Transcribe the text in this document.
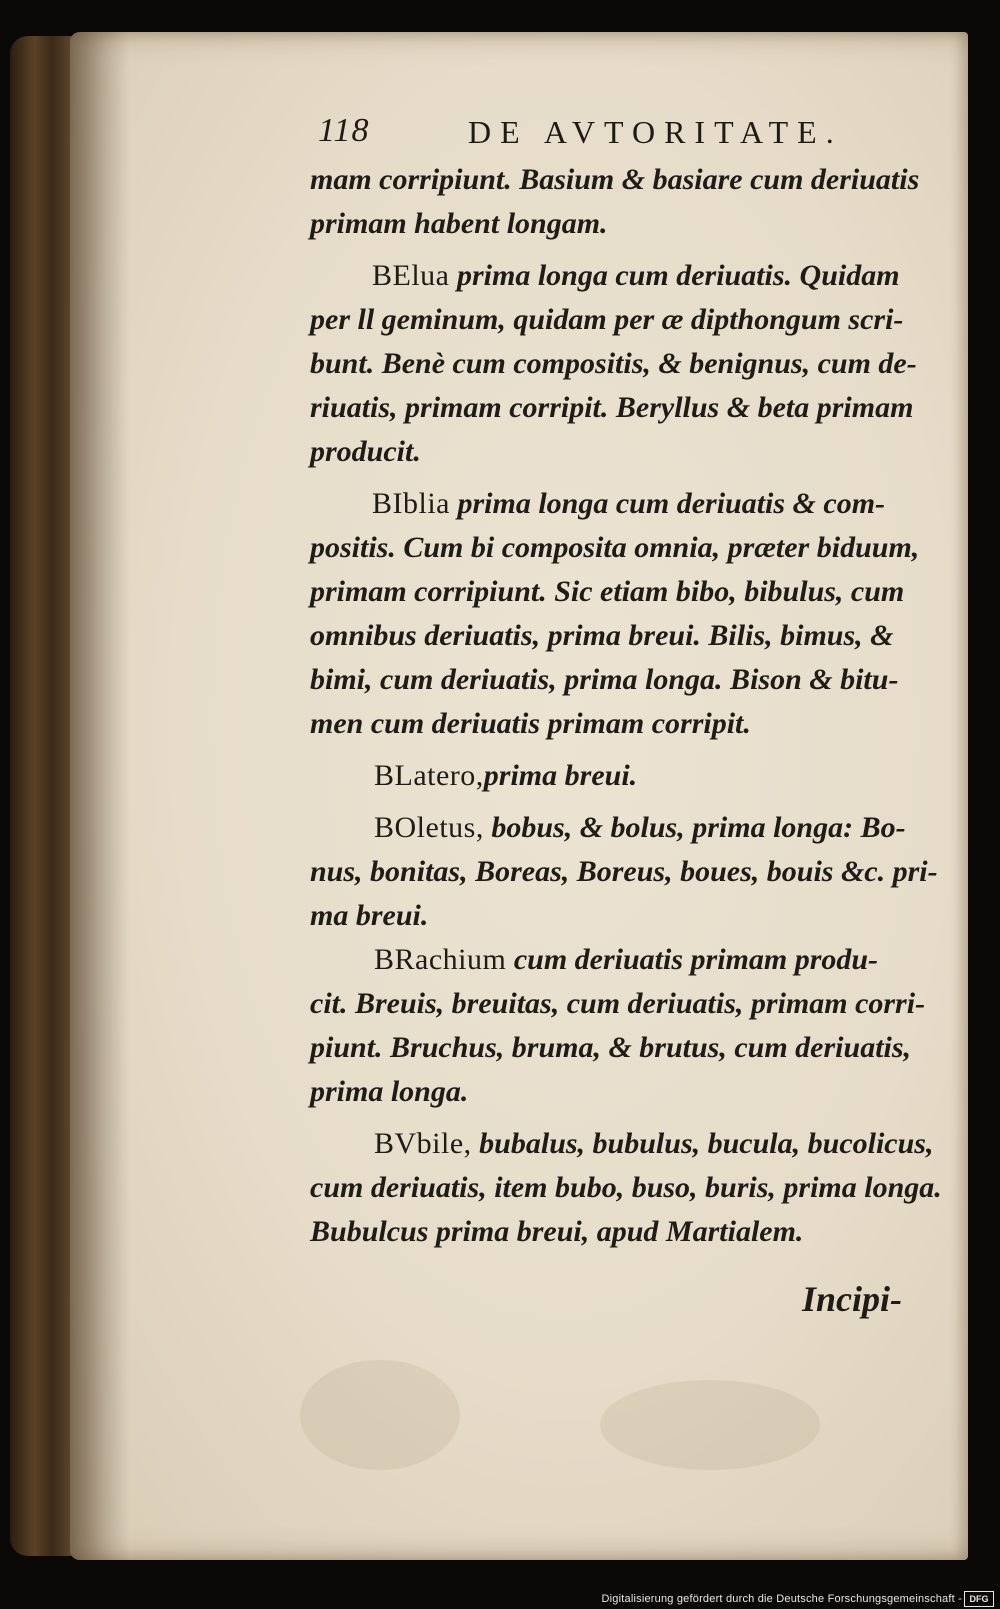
118	DE AVTORITATE.
mam corripiunt. Basium & basiare cum deriuatis
primam habent longam.
BElua prima longa cum deriuatis. Quidam
per ll geminum, quidam per æ dipthongum scri-
bunt. Benè cum compositis, & benignus, cum de-
riuatis, primam corripit. Beryllus & beta primam
producit.
BIblia prima longa cum deriuatis & com-
positis. Cum bi composita omnia, præter biduum,
primam corripiunt. Sic etiam bibo, bibulus, cum
omnibus deriuatis, prima breui. Bilis, bimus, &
bimi, cum deriuatis, prima longa. Bison & bitu-
men cum deriuatis primam corripit.
BLatero,prima breui.
BOletus, bobus, & bolus, prima longa: Bo-
nus, bonitas, Boreas, Boreus, boues, bouis &c. pri-
ma breui.
BRachium cum deriuatis primam produ-
cit. Breuis, breuitas, cum deriuatis, primam corri-
piunt. Bruchus, bruma, & brutus, cum deriuatis,
prima longa.
BVbile, bubalus, bubulus, bucula, bucolicus,
cum deriuatis, item bubo, buso, buris, prima longa.
Bubulcus prima breui, apud Martialem.
Incipi-
Digitalisierung gefördert durch die Deutsche Forschungsgemeinschaft - DFG
